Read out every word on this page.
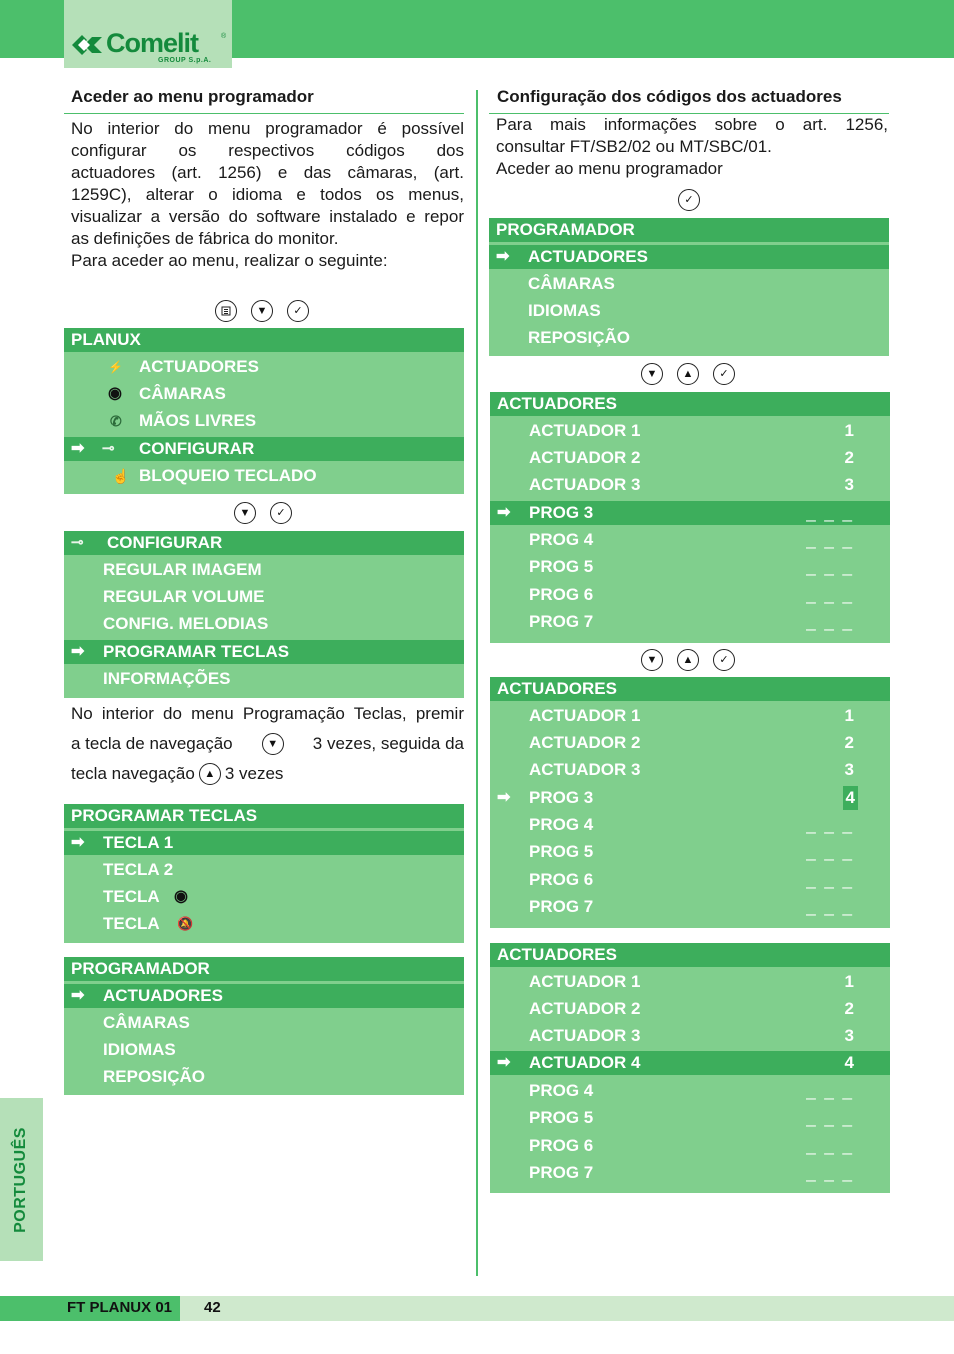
Comelit	®
GROUP S.p.A.
Aceder ao menu programador
No interior do menu programador é possível
configurar os respectivos códigos dos
actuadores (art. 1256) e das câmaras, (art.
1259C), alterar o idioma e todos os menus,
visualizar a versão do software instalado e repor
as definições de fábrica do monitor.
Para aceder ao menu, realizar o seguinte:
▼	✓
PLANUX
⚡ ACTUADORES
◉ CÂMARAS
✆ MÃOS LIVRES
➡ ⊸ CONFIGURAR
☝ BLOQUEIO TECLADO
▼	✓
⊸ CONFIGURAR
REGULAR IMAGEM
REGULAR VOLUME
CONFIG. MELODIAS
➡ PROGRAMAR TECLAS
INFORMAÇÕES
No interior do menu Programação Teclas, premir
a tecla de navegação	▼	3 vezes, seguida da
tecla navegação ▲ 3 vezes
PROGRAMAR TECLAS
➡ TECLA 1
TECLA 2
TECLA ◉
TECLA 🔕
PROGRAMADOR
➡ ACTUADORES
CÂMARAS
IDIOMAS
REPOSIÇÃO
Configuração dos códigos dos actuadores
Para mais informações sobre o art. 1256,
consultar FT/SB2/02 ou MT/SBC/01.
Aceder ao menu programador
✓
PROGRAMADOR
➡ ACTUADORES
CÂMARAS
IDIOMAS
REPOSIÇÃO
▼	▲	✓
ACTUADORES
ACTUADOR 1	1
ACTUADOR 2	2
ACTUADOR 3	3
➡ PROG 3	_ _ _
PROG 4	_ _ _
PROG 5	_ _ _
PROG 6	_ _ _
PROG 7	_ _ _
▼	▲	✓
ACTUADORES
ACTUADOR 1	1
ACTUADOR 2	2
ACTUADOR 3	3
➡ PROG 3	4
PROG 4	_ _ _
PROG 5	_ _ _
PROG 6	_ _ _
PROG 7	_ _ _
ACTUADORES
ACTUADOR 1	1
ACTUADOR 2	2
ACTUADOR 3	3
➡ ACTUADOR 4	4
PROG 4	_ _ _
PROG 5	_ _ _
PROG 6	_ _ _
PROG 7	_ _ _
PORTUGUÊS
FT PLANUX 01 42
